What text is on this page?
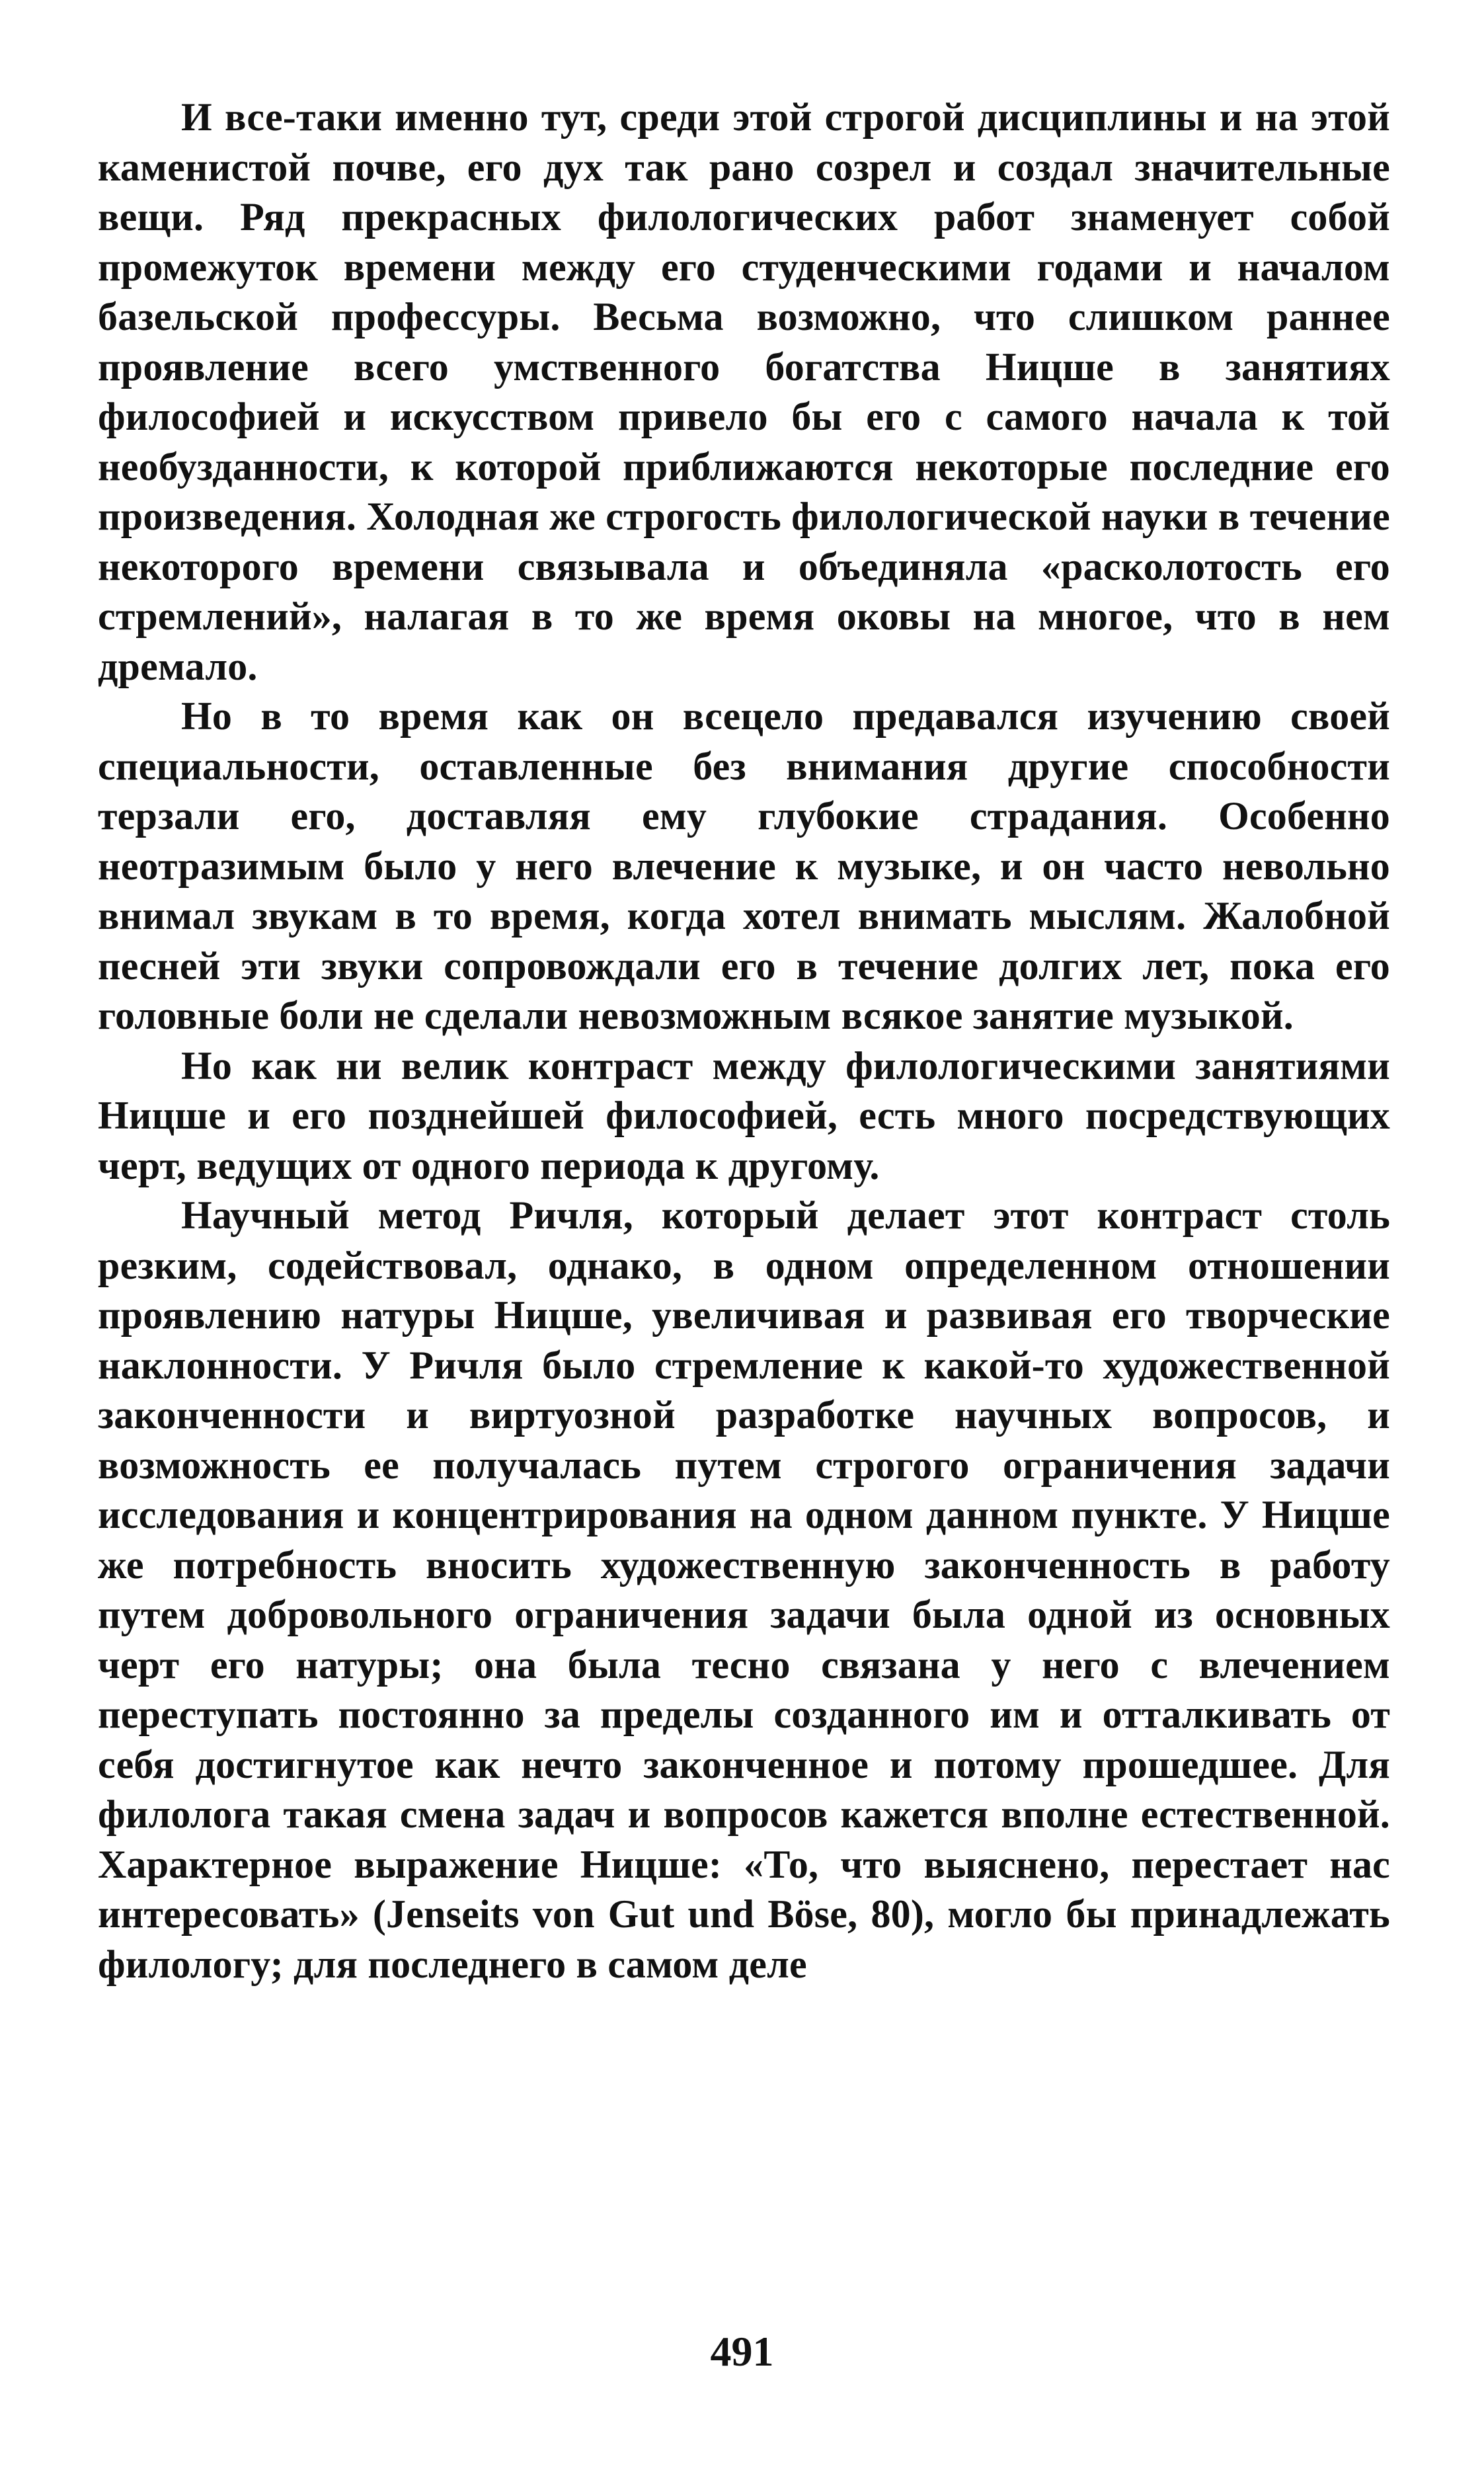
И все-таки именно тут, среди этой строгой дисциплины и на этой каменистой почве, его дух так рано созрел и создал значительные вещи. Ряд прекрасных филологических работ знаменует собой промежуток времени между его студенческими годами и началом базельской профессуры. Весьма возможно, что слишком раннее проявление всего умственного богатства Ницше в занятиях философией и искусством привело бы его с самого начала к той необузданности, к которой приближаются некоторые последние его произведения. Холодная же строгость филологической науки в течение некоторого времени связывала и объединяла «расколотость его стремлений», налагая в то же время оковы на многое, что в нем дремало.

Но в то время как он всецело предавался изучению своей специальности, оставленные без внимания другие способности терзали его, доставляя ему глубокие страдания. Особенно неотразимым было у него влечение к музыке, и он часто невольно внимал звукам в то время, когда хотел внимать мыслям. Жалобной песней эти звуки сопровождали его в течение долгих лет, пока его головные боли не сделали невозможным всякое занятие музыкой.

Но как ни велик контраст между филологическими занятиями Ницше и его позднейшей философией, есть много посредствующих черт, ведущих от одного периода к другому.

Научный метод Ричля, который делает этот контраст столь резким, содействовал, однако, в одном определенном отношении проявлению натуры Ницше, увеличивая и развивая его творческие наклонности. У Ричля было стремление к какой-то художественной законченности и виртуозной разработке научных вопросов, и возможность ее получалась путем строгого ограничения задачи исследования и концентрирования на одном данном пункте. У Ницше же потребность вносить художественную законченность в работу путем добровольного ограничения задачи была одной из основных черт его натуры; она была тесно связана у него с влечением переступать постоянно за пределы созданного им и отталкивать от себя достигнутое как нечто законченное и потому прошедшее. Для филолога такая смена задач и вопросов кажется вполне естественной. Характерное выражение Ницше: «То, что выяснено, перестает нас интересовать» (Jenseits von Gut und Böse, 80), могло бы принадлежать филологу; для последнего в самом деле

491
